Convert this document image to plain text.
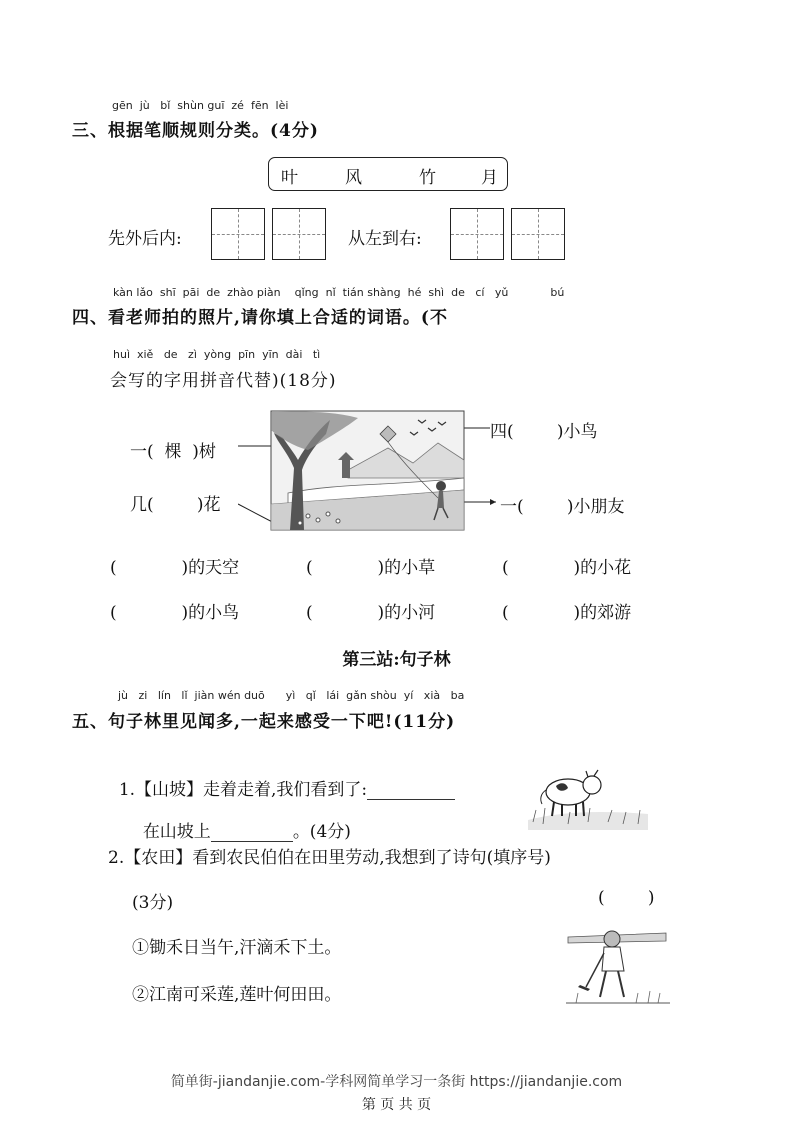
gēn  jù   bǐ  shùn guī  zé  fēn  lèi
三、根据笔顺规则分类。(4分)
叶	风	竹	月
先外后内:	从左到右:
kàn lǎo  shī  pāi  de  zhào piàn    qǐng  nǐ  tián shàng  hé  shì  de   cí   yǔ            bú
四、看老师拍的照片,请你填上合适的词语。(不
huì  xiě   de   zì  yòng  pīn  yīn  dài   tì
会写的字用拼音代替)(18分)
一(  棵  )树
几(        )花
四(        )小鸟
一(        )小朋友
(            )的天空	(            )的小草	(            )的小花
(            )的小鸟	(            )的小河	(            )的郊游
第三站:句子林
jù   zi   lín   lǐ  jiàn wén duō      yì   qǐ   lái  gǎn shòu  yí   xià   ba
五、句子林里见闻多,一起来感受一下吧!(11分)

1.【山坡】走着走着,我们看到了:

在山坡上	。(4分)

2.【农田】看到农民伯伯在田里劳动,我想到了诗句(填序号)
(3分)	(        )
①锄禾日当午,汗滴禾下土。
②江南可采莲,莲叶何田田。
简单街-jiandanjie.com-学科网简单学习一条街 https://jiandanjie.com
第 页 共 页
